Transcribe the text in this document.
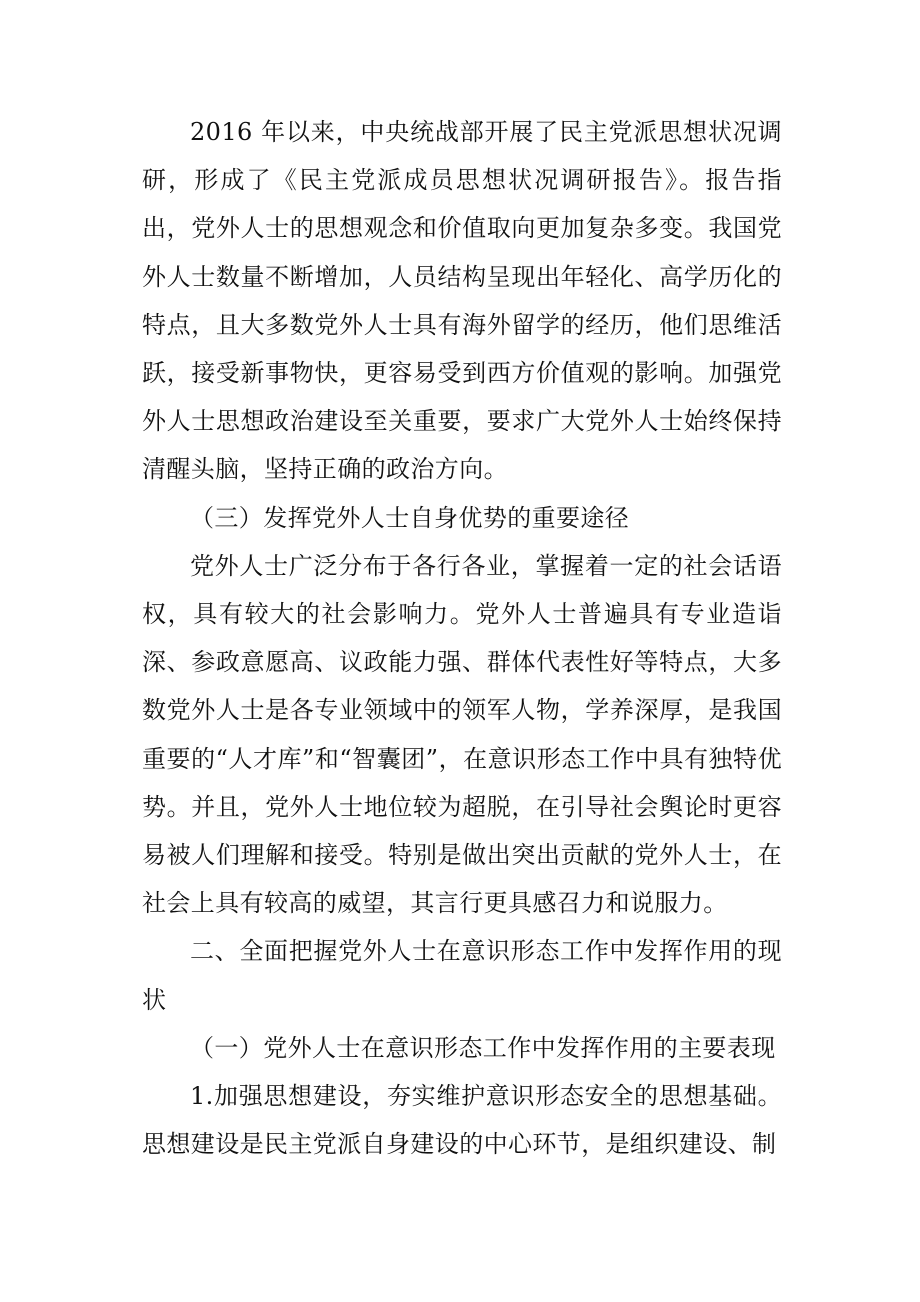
2016 年以来，中央统战部开展了民主党派思想状况调研，形成了《民主党派成员思想状况调研报告》。报告指出，党外人士的思想观念和价值取向更加复杂多变。我国党外人士数量不断增加，人员结构呈现出年轻化、高学历化的特点，且大多数党外人士具有海外留学的经历，他们思维活跃，接受新事物快，更容易受到西方价值观的影响。加强党外人士思想政治建设至关重要，要求广大党外人士始终保持清醒头脑，坚持正确的政治方向。

（三）发挥党外人士自身优势的重要途径

党外人士广泛分布于各行各业，掌握着一定的社会话语权，具有较大的社会影响力。党外人士普遍具有专业造诣深、参政意愿高、议政能力强、群体代表性好等特点，大多数党外人士是各专业领域中的领军人物，学养深厚，是我国重要的“人才库”和“智囊团”，在意识形态工作中具有独特优势。并且，党外人士地位较为超脱，在引导社会舆论时更容易被人们理解和接受。特别是做出突出贡献的党外人士，在社会上具有较高的威望，其言行更具感召力和说服力。

二、全面把握党外人士在意识形态工作中发挥作用的现状

（一）党外人士在意识形态工作中发挥作用的主要表现

1.加强思想建设，夯实维护意识形态安全的思想基础。思想建设是民主党派自身建设的中心环节，是组织建设、制
